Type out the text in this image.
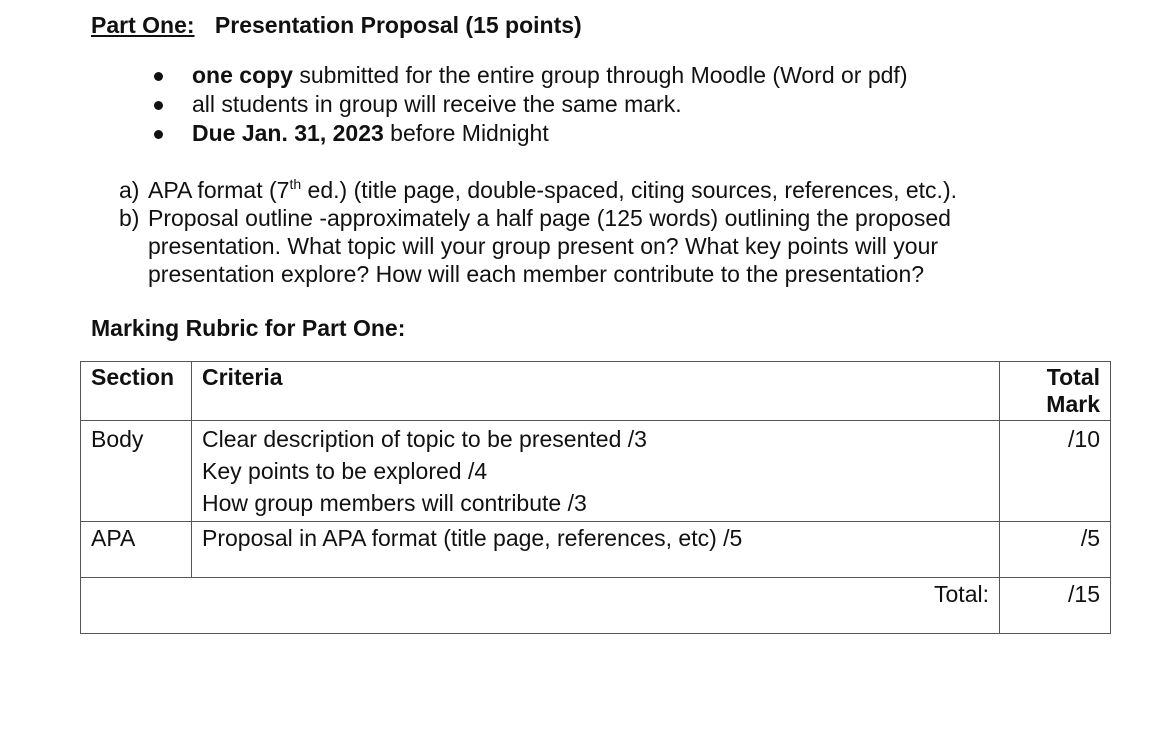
Part One: Presentation Proposal (15 points)
one copy submitted for the entire group through Moodle (Word or pdf)
all students in group will receive the same mark.
Due Jan. 31, 2023 before Midnight
a) APA format (7th ed.) (title page, double-spaced, citing sources, references, etc.).
b) Proposal outline -approximately a half page (125 words) outlining the proposed
presentation. What topic will your group present on? What key points will your
presentation explore? How will each member contribute to the presentation?
Marking Rubric for Part One:
Section	Criteria	Total
Mark

Body	Clear description of topic to be presented /3
Key points to be explored /4
How group members will contribute /3	/10
APA	Proposal in APA format (title page, references, etc) /5	/5
Total:		/15
